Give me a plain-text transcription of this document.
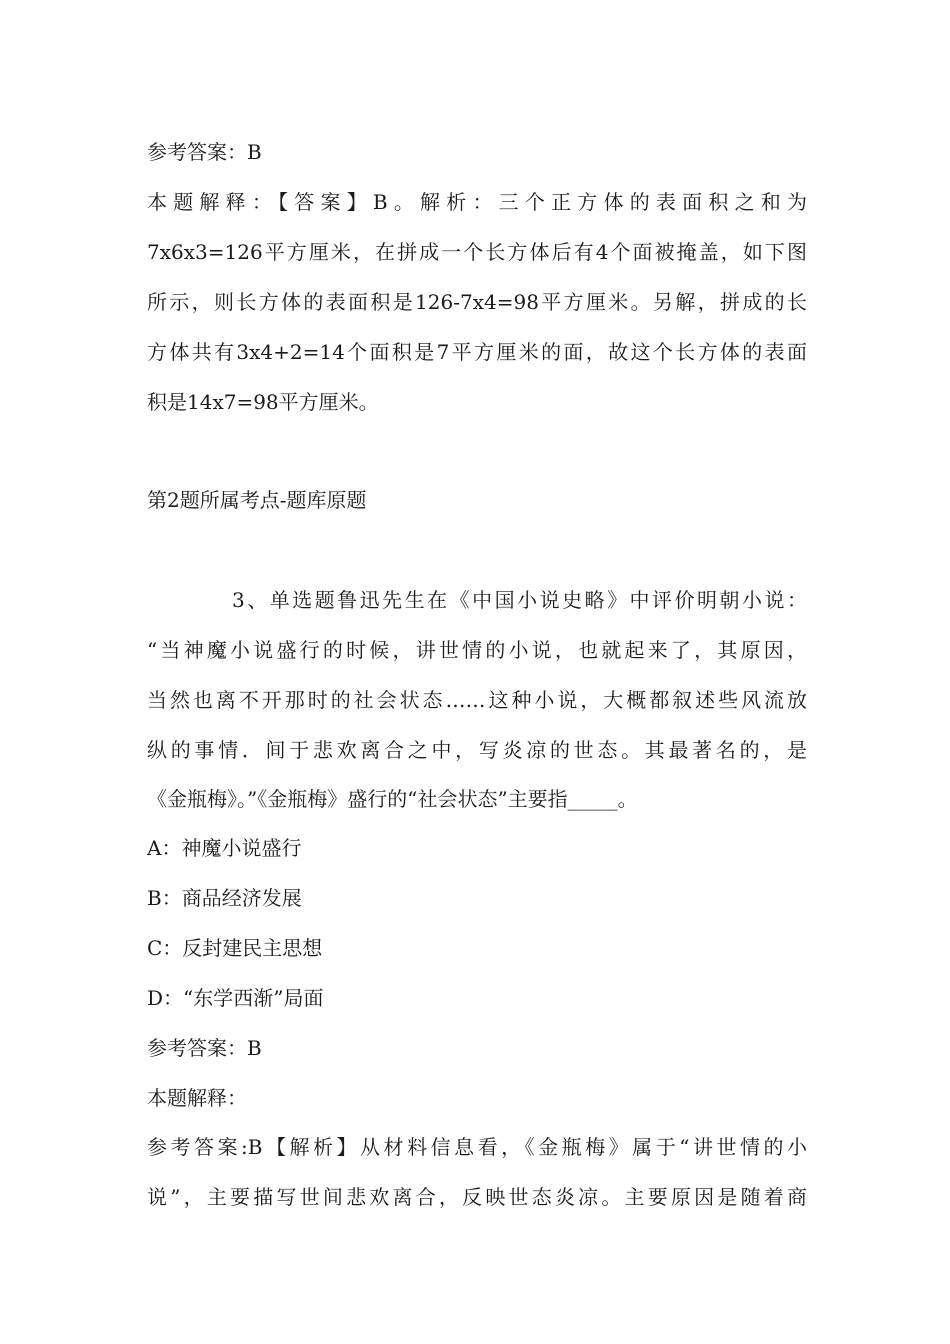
参考答案：B
本题解释：【答案】B。解析：三个正方体的表面积之和为
7x6x3=126平方厘米，在拼成一个长方体后有4个面被掩盖，如下图
所示，则长方体的表面积是126-7x4=98平方厘米。另解，拼成的长
方体共有3x4+2=14个面积是7平方厘米的面，故这个长方体的表面
积是14x7=98平方厘米。
第2题所属考点-题库原题
3、单选题鲁迅先生在《中国小说史略》中评价明朝小说：
“当神魔小说盛行的时候，讲世情的小说，也就起来了，其原因，
当然也离不开那时的社会状态……这种小说，大概都叙述些风流放
纵的事情．间于悲欢离合之中，写炎凉的世态。其最著名的，是
《金瓶梅》。”《金瓶梅》盛行的“社会状态”主要指_____。
A：神魔小说盛行
B：商品经济发展
C：反封建民主思想
D：“东学西渐”局面
参考答案：B
本题解释：
参考答案:B【解析】从材料信息看，《金瓶梅》属于“讲世情的小
说”，主要描写世间悲欢离合，反映世态炎凉。主要原因是随着商
